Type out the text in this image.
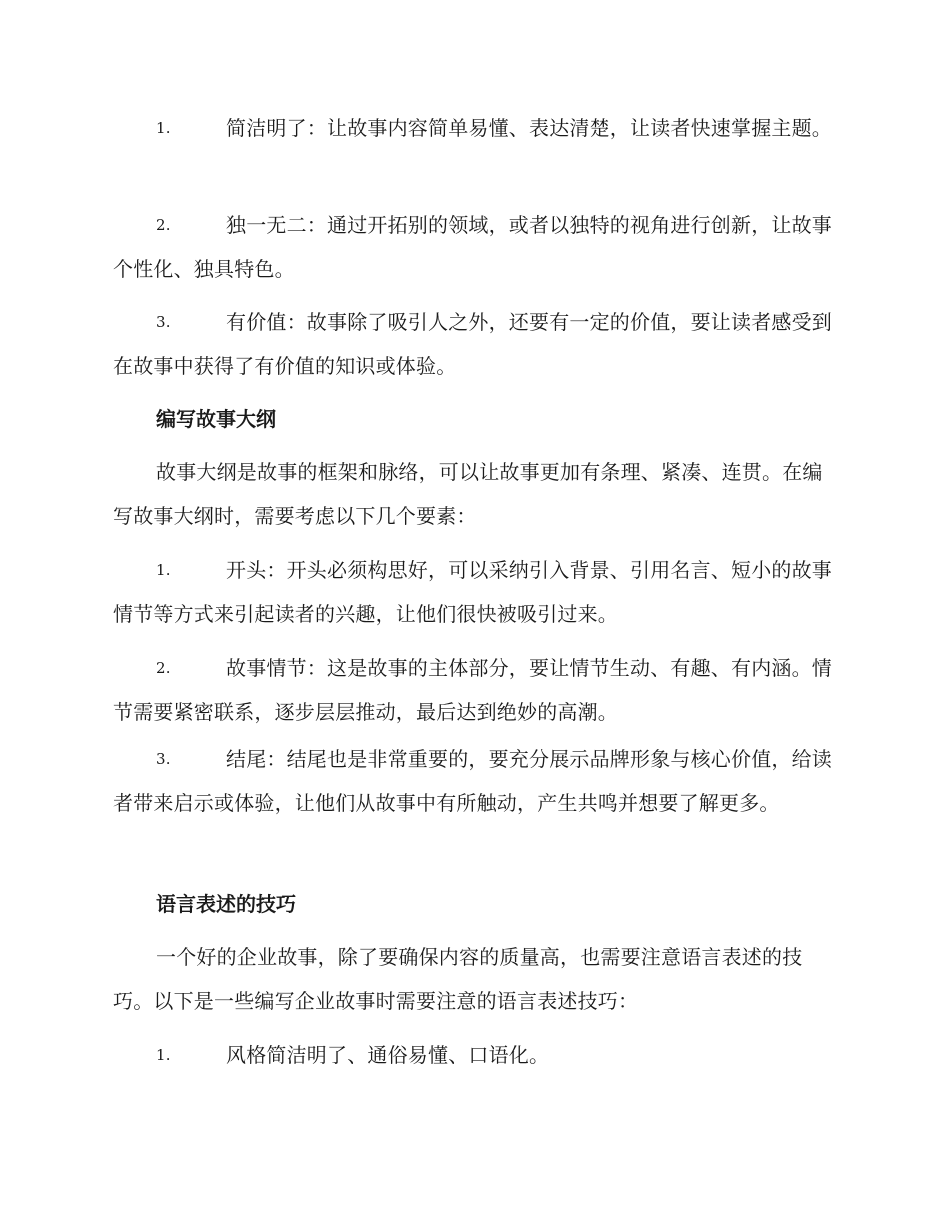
1.	简洁明了：让故事内容简单易懂、表达清楚，让读者快速掌握主题。
2.	独一无二：通过开拓别的领域，或者以独特的视角进行创新，让故事个性化、独具特色。
3.	有价值：故事除了吸引人之外，还要有一定的价值，要让读者感受到在故事中获得了有价值的知识或体验。
编写故事大纲
故事大纲是故事的框架和脉络，可以让故事更加有条理、紧凑、连贯。在编写故事大纲时，需要考虑以下几个要素：
1.	开头：开头必须构思好，可以采纳引入背景、引用名言、短小的故事情节等方式来引起读者的兴趣，让他们很快被吸引过来。
2.	故事情节：这是故事的主体部分，要让情节生动、有趣、有内涵。情节需要紧密联系，逐步层层推动，最后达到绝妙的高潮。
3.	结尾：结尾也是非常重要的，要充分展示品牌形象与核心价值，给读者带来启示或体验，让他们从故事中有所触动，产生共鸣并想要了解更多。
语言表述的技巧
一个好的企业故事，除了要确保内容的质量高，也需要注意语言表述的技巧。以下是一些编写企业故事时需要注意的语言表述技巧：
1.	风格简洁明了、通俗易懂、口语化。
